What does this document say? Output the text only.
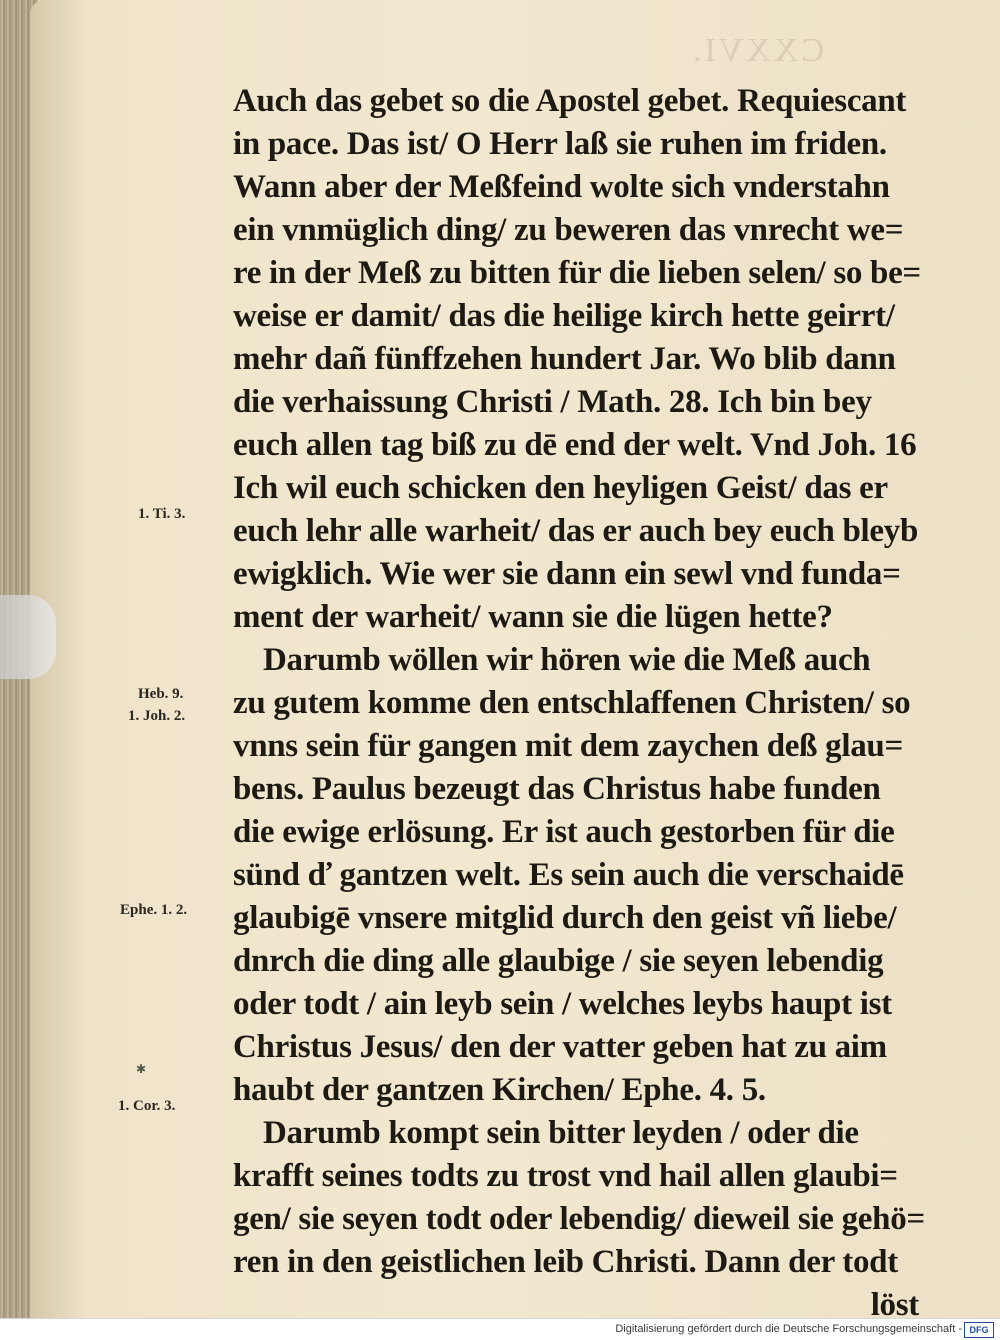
CXXVI.
Auch das gebet so die Apostel gebet. Requiescant
in pace. Das ist/ O Herr laß sie ruhen im friden.
Wann aber der Meßfeind wolte sich vnderstahn
ein vnmüglich ding/ zu beweren das vnrecht we=
re in der Meß zu bitten für die lieben selen/ so be=
weise er damit/ das die heilige kirch hette geirrt/
mehr dañ fünffzehen hundert Jar. Wo blib dann
die verhaissung Christi / Math. 28. Ich bin bey
euch allen tag biß zu dē end der welt. Vnd Joh. 16
Ich wil euch schicken den heyligen Geist/ das er
euch lehr alle warheit/ das er auch bey euch bleyb
ewigklich. Wie wer sie dann ein sewl vnd funda=
ment der warheit/ wann sie die lügen hette?
Darumb wöllen wir hören wie die Meß auch
zu gutem komme den entschlaffenen Christen/ so
vnns sein für gangen mit dem zaychen deß glau=
bens. Paulus bezeugt das Christus habe funden
die ewige erlösung. Er ist auch gestorben für die
sünd ď gantzen welt. Es sein auch die verschaidē
glaubigē vnsere mitglid durch den geist vñ liebe/
dnrch die ding alle glaubige / sie seyen lebendig
oder todt / ain leyb sein / welches leybs haupt ist
Christus Jesus/ den der vatter geben hat zu aim
haubt der gantzen Kirchen/ Ephe. 4. 5.
Darumb kompt sein bitter leyden / oder die
krafft seines todts zu trost vnd hail allen glaubi=
gen/ sie seyen todt oder lebendig/ dieweil sie gehö=
ren in den geistlichen leib Christi. Dann der todt
löst
1. Ti. 3.
Heb. 9.
1. Joh. 2.
Ephe. 1. 2.
1. Cor. 3.
✱
Digitalisierung gefördert durch die Deutsche Forschungsgemeinschaft - DFG
